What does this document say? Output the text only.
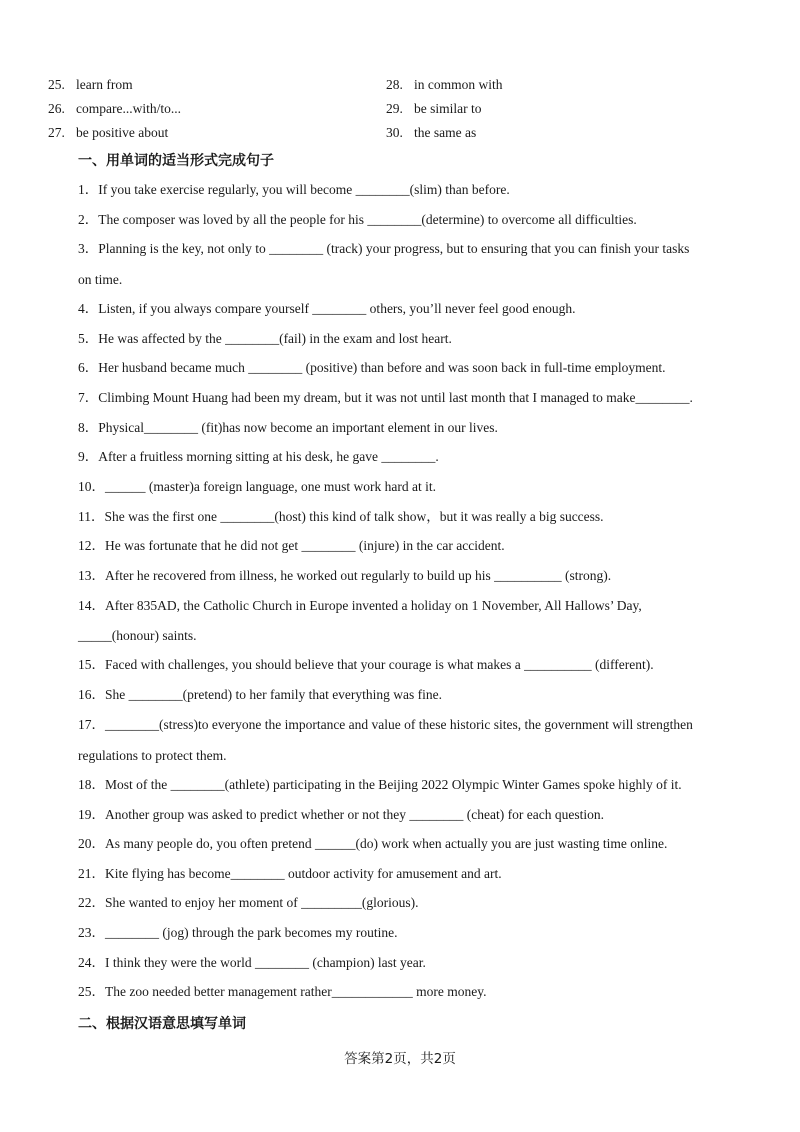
25. learn from
26. compare...with/to...
27. be positive about
28. in common with
29. be similar to
30. the same as
一、用单词的适当形式完成句子
1．If you take exercise regularly, you will become ________(slim) than before.
2．The composer was loved by all the people for his ________(determine) to overcome all difficulties.
3．Planning is the key, not only to ________ (track) your progress, but to ensuring that you can finish your tasks
on time.
4．Listen, if you always compare yourself ________ others, you’ll never feel good enough.
5．He was affected by the ________(fail) in the exam and lost heart.
6．Her husband became much ________ (positive) than before and was soon back in full-time employment.
7．Climbing Mount Huang had been my dream, but it was not until last month that I managed to make________.
8．Physical________ (fit)has now become an important element in our lives.
9．After a fruitless morning sitting at his desk, he gave ________.
10．______ (master)a foreign language, one must work hard at it.
11．She was the first one ________(host) this kind of talk show，but it was really a big success.
12．He was fortunate that he did not get ________ (injure) in the car accident.
13．After he recovered from illness, he worked out regularly to build up his __________ (strong).
14．After 835AD, the Catholic Church in Europe invented a holiday on 1 November, All Hallows’ Day,
_____(honour) saints.
15．Faced with challenges, you should believe that your courage is what makes a __________ (different).
16．She ________(pretend) to her family that everything was fine.
17．________(stress)to everyone the importance and value of these historic sites, the government will strengthen
regulations to protect them.
18．Most of the ________(athlete) participating in the Beijing 2022 Olympic Winter Games spoke highly of it.
19．Another group was asked to predict whether or not they ________ (cheat) for each question.
20．As many people do, you often pretend ______(do) work when actually you are just wasting time online.
21．Kite flying has become________ outdoor activity for amusement and art.
22．She wanted to enjoy her moment of _________(glorious).
23．________ (jog) through the park becomes my routine.
24．I think they were the world ________ (champion) last year.
25．The zoo needed better management rather____________ more money.
二、根据汉语意思填写单词
答案第2页，共2页
